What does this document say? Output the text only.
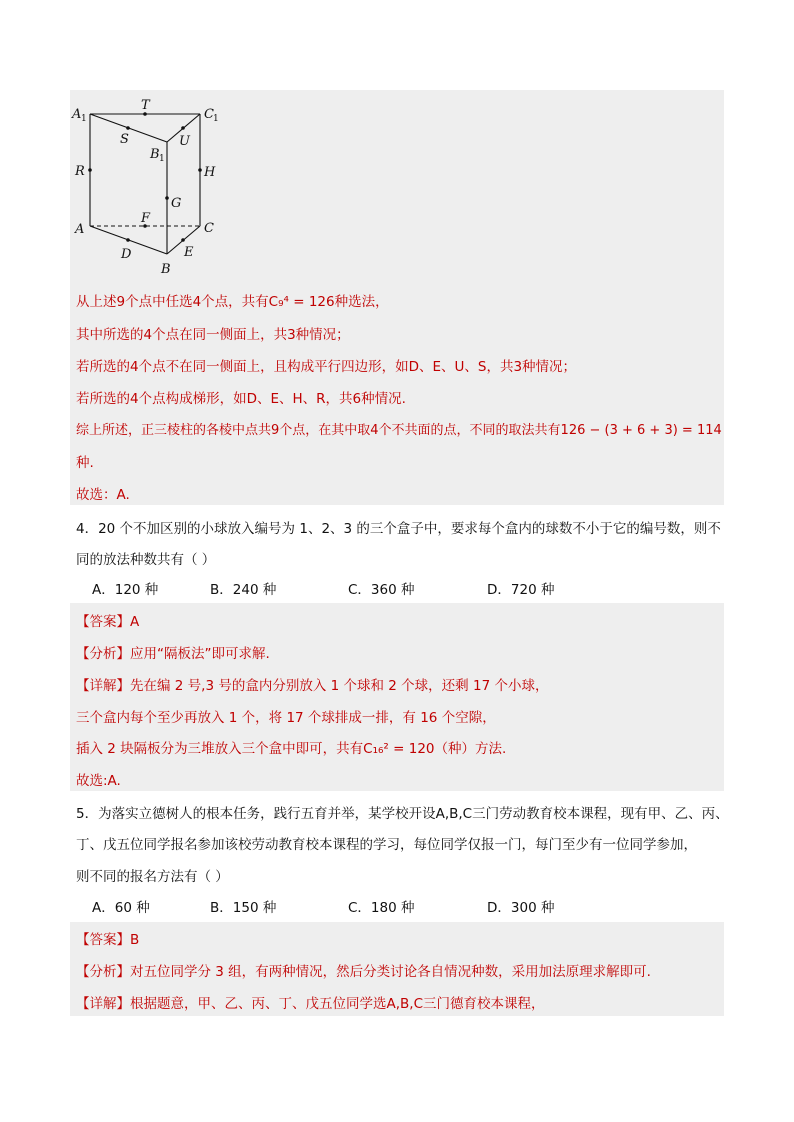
A 1
T
C 1
S
B 1
U
R	H
G
F
A	C
D	E
B
从上述9个点中任选4个点，共有C₉⁴ = 126种选法，
其中所选的4个点在同一侧面上，共3种情况；
若所选的4个点不在同一侧面上，且构成平行四边形，如D、E、U、S，共3种情况；
若所选的4个点构成梯形，如D、E、H、R，共6种情况.
综上所述，正三棱柱的各棱中点共9个点，在其中取4个不共面的点，不同的取法共有126 − (3 + 6 + 3) = 114
种.
故选：A.
4．20 个不加区别的小球放入编号为 1、2、3 的三个盒子中，要求每个盒内的球数不小于它的编号数，则不
同的放法种数共有（ ）
A．120 种	B．240 种	C．360 种	D．720 种
【答案】A
【分析】应用“隔板法”即可求解.
【详解】先在编 2 号,3 号的盒内分别放入 1 个球和 2 个球，还剩 17 个小球，
三个盒内每个至少再放入 1 个，将 17 个球排成一排，有 16 个空隙，
插入 2 块隔板分为三堆放入三个盒中即可，共有C₁₆² = 120（种）方法.
故选:A.
5．为落实立德树人的根本任务，践行五育并举，某学校开设A,B,C三门劳动教育校本课程，现有甲、乙、丙、
丁、戊五位同学报名参加该校劳动教育校本课程的学习，每位同学仅报一门，每门至少有一位同学参加，
则不同的报名方法有（ ）
A．60 种	B．150 种	C．180 种	D．300 种
【答案】B
【分析】对五位同学分 3 组，有两种情况，然后分类讨论各自情况种数，采用加法原理求解即可.
【详解】根据题意，甲、乙、丙、丁、戊五位同学选A,B,C三门德育校本课程，
